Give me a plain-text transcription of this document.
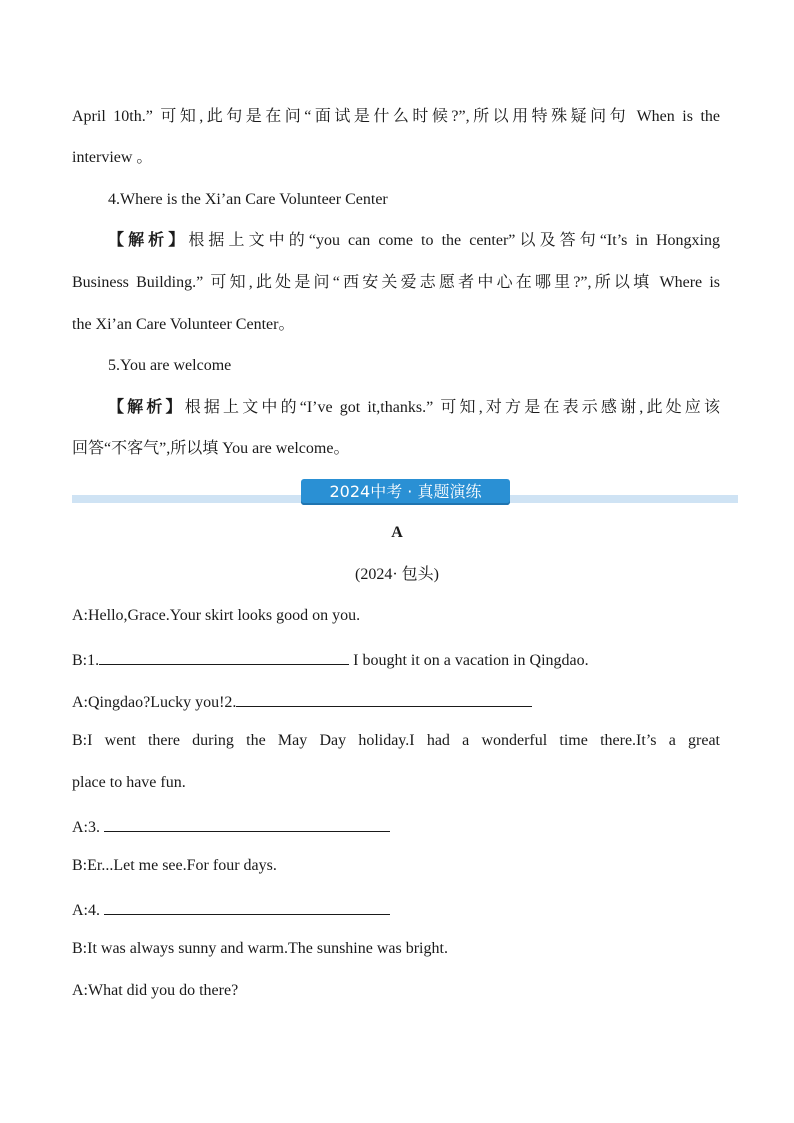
April 10th.” 可知,此句是在问“面试是什么时候?”,所以用特殊疑问句 When is the
interview 。
4.Where is the Xi’an Care Volunteer Center
【解析】根据上文中的“you can come to the center”以及答句“It’s in Hongxing
Business Building.” 可知,此处是问“西安关爱志愿者中心在哪里?”,所以填 Where is
the Xi’an Care Volunteer Center。
5.You are welcome
【解析】根据上文中的“I’ve got it,thanks.” 可知,对方是在表示感谢,此处应该
回答“不客气”,所以填 You are welcome。
2024中考 · 真题演练
A
(2024· 包头)
A:Hello,Grace.Your skirt looks good on you.
B:1.	I bought it on a vacation in Qingdao.
A:Qingdao?Lucky you!2.
B:I went there during the May Day holiday.I had a wonderful time there.It’s a great
place to have fun.
A:3.
B:Er...Let me see.For four days.
A:4.
B:It was always sunny and warm.The sunshine was bright.
A:What did you do there?
